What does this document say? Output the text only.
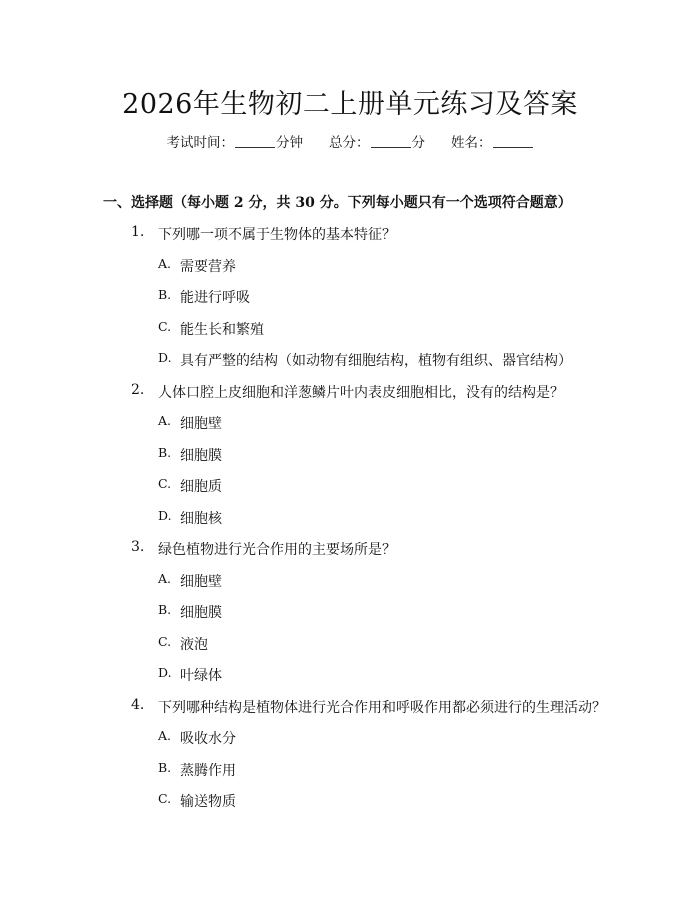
2026年生物初二上册单元练习及答案
考试时间：	分钟 总分：	分 姓名：
一、选择题（每小题 2 分，共 30 分。下列每小题只有一个选项符合题意）
1. 下列哪一项不属于生物体的基本特征？
A. 需要营养
B. 能进行呼吸
C. 能生长和繁殖
D. 具有严整的结构（如动物有细胞结构，植物有组织、器官结构）
2. 人体口腔上皮细胞和洋葱鳞片叶内表皮细胞相比，没有的结构是？
A. 细胞壁
B. 细胞膜
C. 细胞质
D. 细胞核
3. 绿色植物进行光合作用的主要场所是？
A. 细胞壁
B. 细胞膜
C. 液泡
D. 叶绿体
4. 下列哪种结构是植物体进行光合作用和呼吸作用都必须进行的生理活动？
A. 吸收水分
B. 蒸腾作用
C. 输送物质
